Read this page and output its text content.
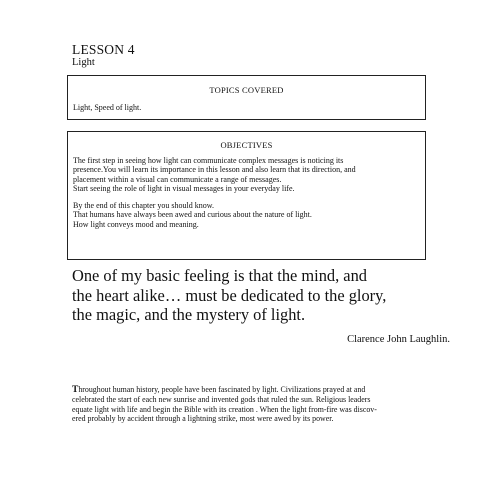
LESSON 4
Light
TOPICS COVERED
Light, Speed of light.
OBJECTIVES
The first step in seeing how light can communicate complex messages is noticing its
presence.You will learn its importance in this lesson and also learn that its direction, and
placement within a visual can communicate a range of messages.
Start seeing the role of light in visual messages in your everyday life.
By the end of this chapter you should know.
That humans have always been awed and curious about the nature of light.
How light conveys mood and meaning.
One of my basic feeling is that the mind, and
the heart alike… must be dedicated to the glory,
the magic, and the mystery of light.
Clarence John Laughlin.
Throughout human history, people have been fascinated by light. Civilizations prayed at and
celebrated the start of each new sunrise and invented gods that ruled the sun. Religious leaders
equate light with life and begin the Bible with its creation . When the light from-fire was discov-
ered probably by accident through a lightning strike, most were awed by its power.
